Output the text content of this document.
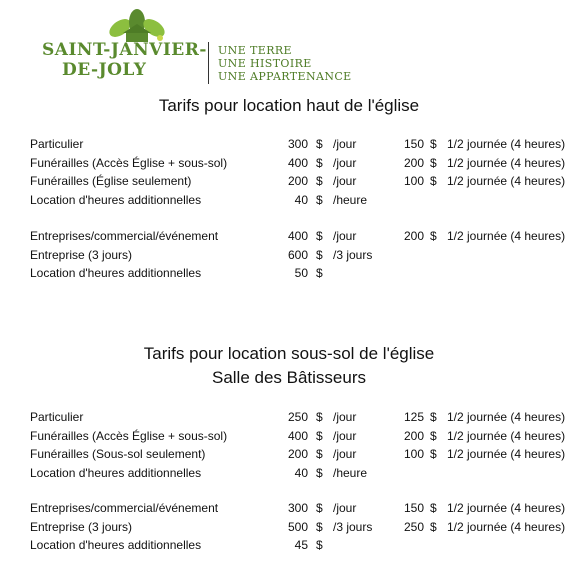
SAINT-JANVIER-
DE-JOLY
UNE TERRE
UNE HISTOIRE
UNE APPARTENANCE
Tarifs pour location haut de l'église
Particulier	300 $ /jour	150 $ 1/2 journée (4 heures)
Funérailles (Accès Église + sous-sol)	400 $ /jour	200 $ 1/2 journée (4 heures)
Funérailles (Église seulement)	200 $ /jour	100 $ 1/2 journée (4 heures)
Location d'heures additionnelles	40 $ /heure
Entreprises/commercial/événement	400 $ /jour	200 $ 1/2 journée (4 heures)
Entreprise (3 jours)	600 $ /3 jours
Location d'heures additionnelles	50 $
Tarifs pour location sous-sol de l'église
Salle des Bâtisseurs
Particulier	250 $ /jour	125 $ 1/2 journée (4 heures)
Funérailles (Accès Église + sous-sol)	400 $ /jour	200 $ 1/2 journée (4 heures)
Funérailles (Sous-sol seulement)	200 $ /jour	100 $ 1/2 journée (4 heures)
Location d'heures additionnelles	40 $ /heure
Entreprises/commercial/événement	300 $ /jour	150 $ 1/2 journée (4 heures)
Entreprise (3 jours)	500 $ /3 jours	250 $ 1/2 journée (4 heures)
Location d'heures additionnelles	45 $
